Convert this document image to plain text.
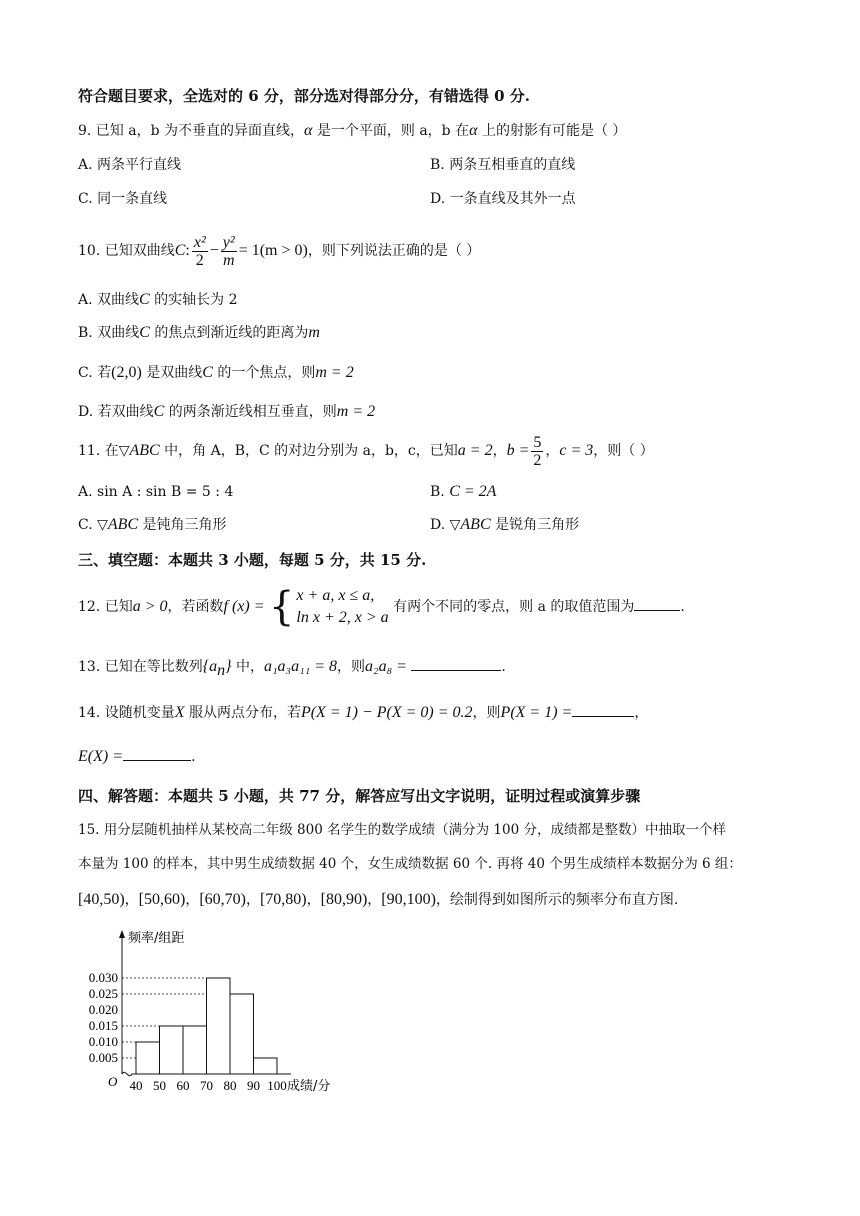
符合题目要求，全选对的 6 分，部分选对得部分分，有错选得 0 分.
9. 已知 a，b 为不垂直的异面直线，α 是一个平面，则 a，b 在α 上的射影有可能是（ ）
A. 两条平行直线	B. 两条互相垂直的直线
C. 同一条直线	D. 一条直线及其外一点
10. 已知双曲线C: $\frac{\text{x²}}{2} - \frac{\text{y²}}{m} = 1(m > 0)$，则下列说法正确的是（ ）
A. 双曲线C 的实轴长为 2
B. 双曲线C 的焦点到渐近线的距离为m
C. 若(2,0) 是双曲线C 的一个焦点，则m = 2
D. 若双曲线C 的两条渐近线相互垂直，则m = 2
11. 在▽ABC 中，角 A，B，C 的对边分别为 a，b，c，已知a = 2，$b = \frac{5}{2}$ ，c = 3，则（ ）
A. sin A : sin B = 5 : 4	B. C = 2A
C. ▽ABC 是钝角三角形	D. ▽ABC 是锐角三角形
三、填空题：本题共 3 小题，每题 5 分，共 15 分.
12. 已知a > 0，若函数f (x) = { x + a, x ≤ a,
ln x + 2, x > a
有两个不同的零点，则 a 的取值范围为	.
13. 已知在等比数列$\{a_n\}$ 中，a₁a₃a₁₁ = 8，则a₂a₈ =	.
14. 设随机变量X 服从两点分布，若P(X = 1) − P(X = 0) = 0.2，则P(X = 1) =	，
E(X) =	.
四、解答题：本题共 5 小题，共 77 分，解答应写出文字说明，证明过程或演算步骤
15. 用分层随机抽样从某校高二年级 800 名学生的数学成绩（满分为 100 分，成绩都是整数）中抽取一个样
本量为 100 的样本，其中男生成绩数据 40 个，女生成绩数据 60 个. 再将 40 个男生成绩样本数据分为 6 组：
[40,50)，[50,60)，[60,70)，[70,80)，[80,90)，[90,100)，绘制得到如图所示的频率分布直方图.
0.005
0.010
0.015
0.020
0.025
0.030
40 50 60 70 80 90 100
O
频率/组距
成绩/分
